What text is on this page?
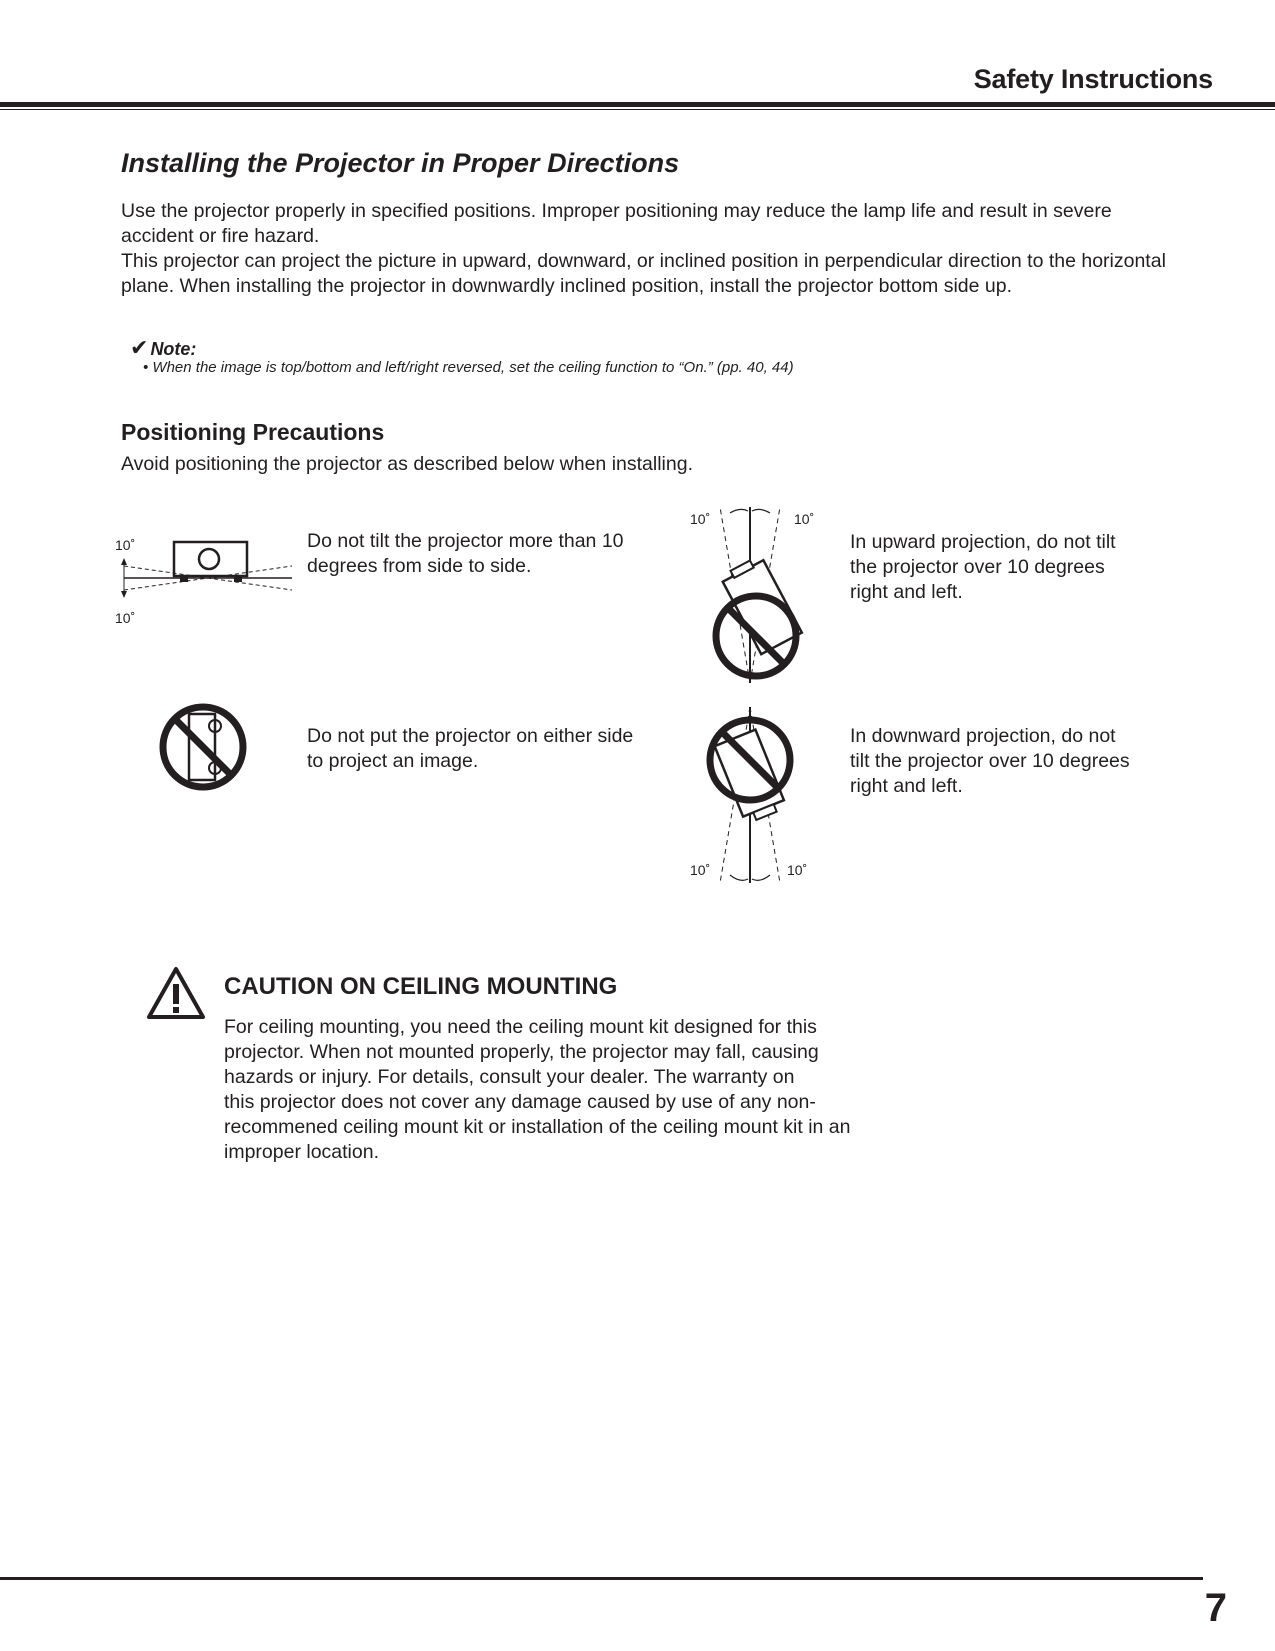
Safety Instructions
Installing the Projector in Proper Directions
Use the projector properly in specified positions. Improper positioning may reduce the lamp life and result in severe accident or fire hazard.
This projector can project the picture in upward, downward, or inclined position in perpendicular direction to the horizontal plane. When installing the projector in downwardly inclined position, install the projector bottom side up.
✔ Note:
• When the image is top/bottom and left/right reversed, set the ceiling function to “On.” (pp. 40, 44)
Positioning Precautions
Avoid positioning the projector as described below when installing.
10˚
10˚
Do not tilt the projector more than 10 degrees from side to side.
10˚	10˚
In upward projection, do not tilt the projector over 10 degrees right and left.
Do not put the projector on either side to project an image.
10˚	10˚
In downward projection, do not tilt the projector over 10 degrees right and left.
CAUTION ON CEILING MOUNTING
For ceiling mounting, you need the ceiling mount kit designed for this
projector. When not mounted properly, the projector may fall, causing
hazards or injury. For details, consult your dealer. The warranty on
this projector does not cover any damage caused by use of any non-
recommened ceiling mount kit or installation of the ceiling mount kit in an
improper location.
7
